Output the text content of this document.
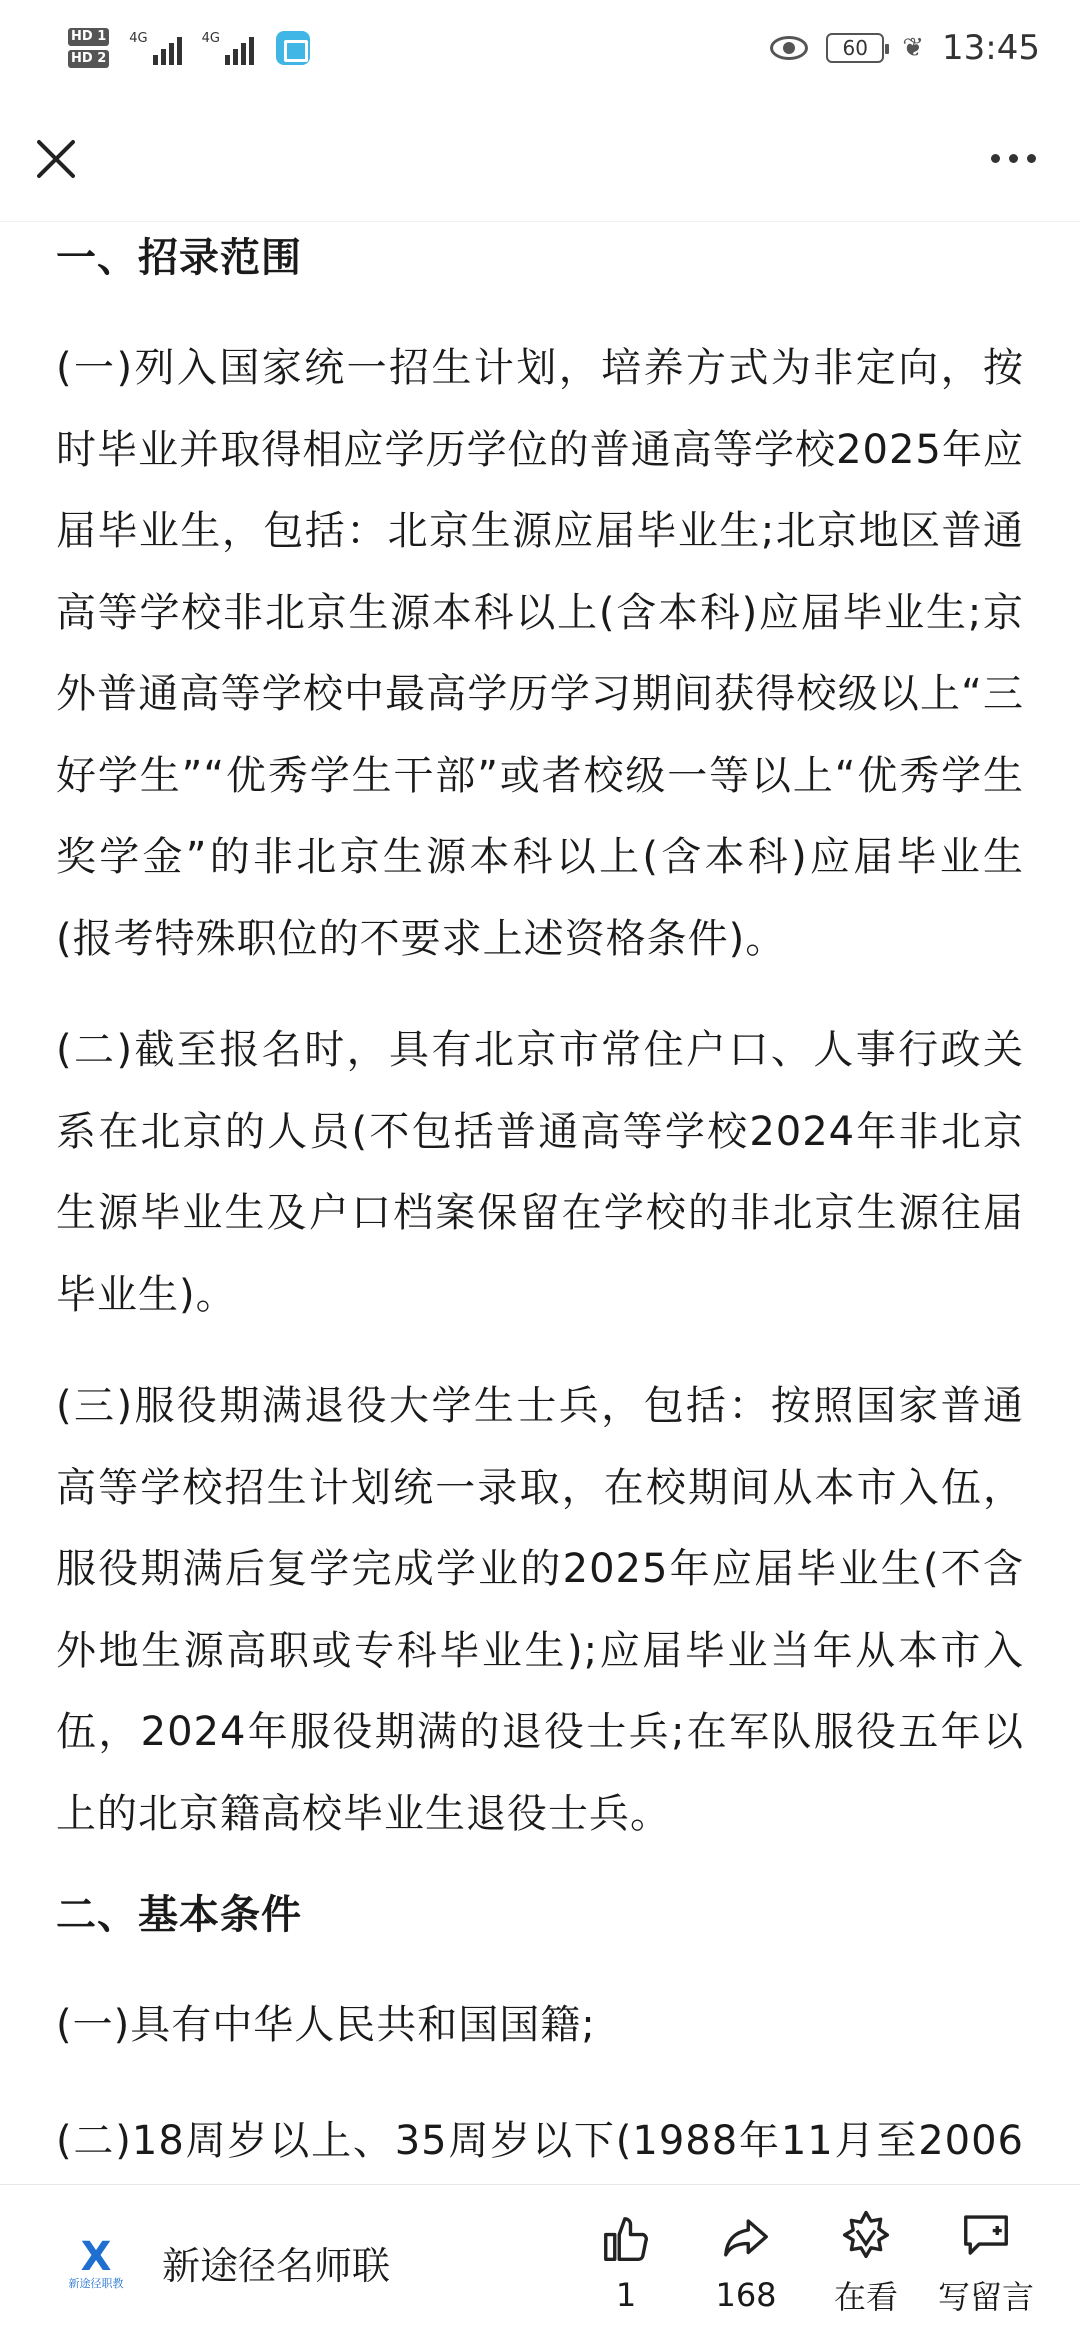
HD 1
HD 2
4G	4G	60 ❦ 13:45
一、招录范围

(一)列入国家统一招生计划，培养方式为非定向，按时毕业并取得相应学历学位的普通高等学校2025年应届毕业生，包括：北京生源应届毕业生;北京地区普通高等学校非北京生源本科以上(含本科)应届毕业生;京外普通高等学校中最高学历学习期间获得校级以上“三好学生”“优秀学生干部”或者校级一等以上“优秀学生奖学金”的非北京生源本科以上(含本科)应届毕业生(报考特殊职位的不要求上述资格条件)。

(二)截至报名时，具有北京市常住户口、人事行政关系在北京的人员(不包括普通高等学校2024年非北京生源毕业生及户口档案保留在学校的非北京生源往届毕业生)。

(三)服役期满退役大学生士兵，包括：按照国家普通高等学校招生计划统一录取，在校期间从本市入伍，服役期满后复学完成学业的2025年应届毕业生(不含外地生源高职或专科毕业生);应届毕业当年从本市入伍，2024年服役期满的退役士兵;在军队服役五年以上的北京籍高校毕业生退役士兵。

二、基本条件

(一)具有中华人民共和国国籍;

(二)18周岁以上、35周岁以下(1988年11月至2006

X
新途径职教 新途径名师联
1 168 在看 写留言
